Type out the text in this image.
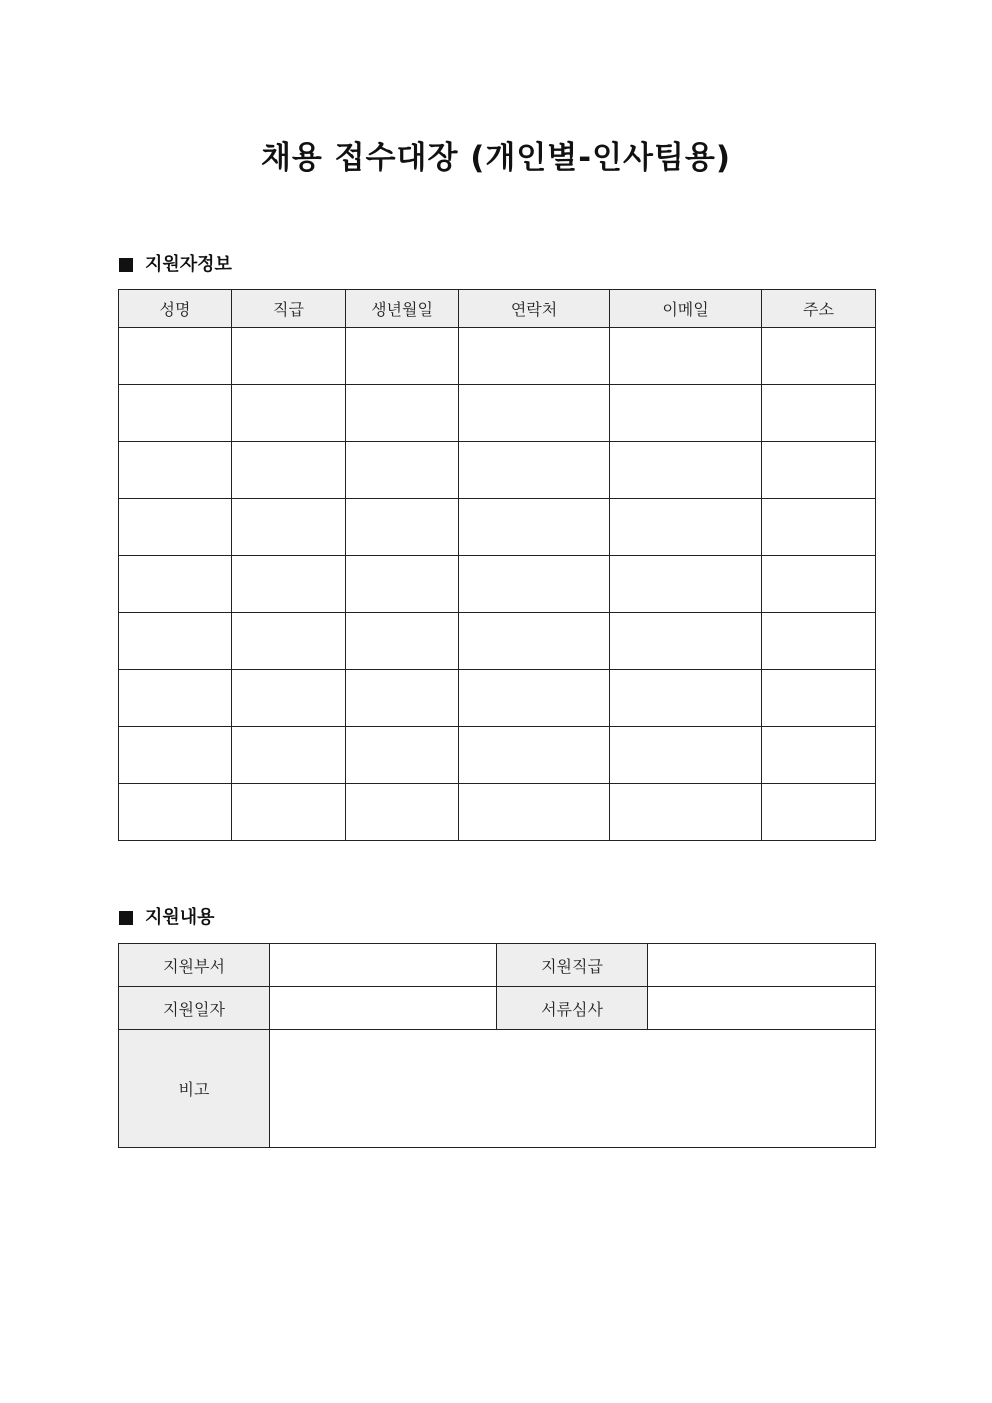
채용 접수대장 (개인별-인사팀용)
지원자정보
성명	직급	생년월일	연락처	이메일	주소

지원내용
지원부서		지원직급	
지원일자		서류심사	
비고			
